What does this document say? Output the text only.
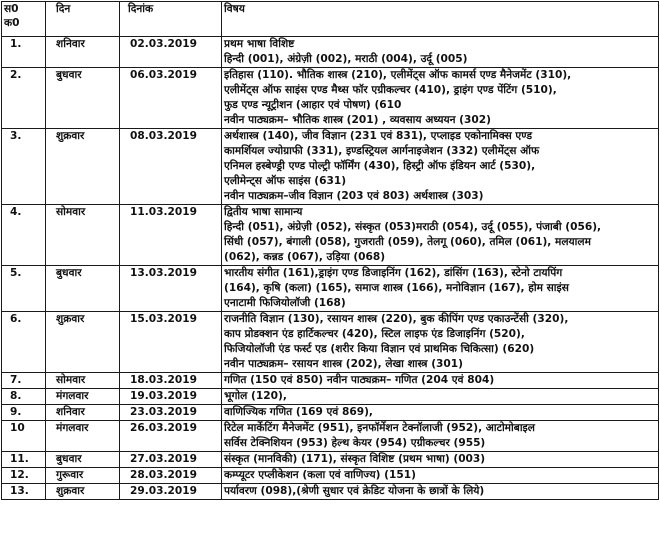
स0
क0	दिन	दिनांक	विषय
1.	शनिवार	02.03.2019	प्रथम भाषा विशिष्ट
हिन्दी (001), अंग्रेज़ी (002), मराठी (004), उर्दू (005)

2.	बुधवार	06.03.2019	इतिहास (110). भौतिक शास्त्र (210), एलीमेंट्स ऑफ कामर्स एण्ड मैनेजमेंट (310),
एलीमेंट्स ऑफ साइंस एण्ड मैथ्स फॉर एग्रीकल्चर (410), ड्राइंग एण्ड पेंटिंग (510),
फुड एण्ड न्यूट्रीशन (आहार एवं पोषण) (610
नवीन पाठ्यक्रम– भौतिक शास्त्र (201) , व्यवसाय अध्ययन (302)

3.	शुक्रवार	08.03.2019	अर्थशास्त्र (140), जीव विज्ञान (231 एवं 831), एप्लाइड एकोनामिक्स एण्ड
कामर्शियल ज्योग्राफी (331), इण्डस्ट्रियल आर्गनाइजेशन (332) एलीमेंट्स ऑफ
एनिमल हस्बेण्ड्री एण्ड पोल्ट्री फॉर्मिंग (430), हिस्ट्री ऑफ इंडियन आर्ट (530),
एलीमेन्ट्स ऑफ साइंस (631)
नवीन पाठ्यक्रम–जीव विज्ञान (203 एवं 803) अर्थशास्त्र (303)

4.	सोमवार	11.03.2019	द्वितीय भाषा सामान्य
हिन्दी (051), अंग्रेज़ी (052), संस्कृत (053)मराठी (054), उर्दू (055), पंजाबी (056),
सिंधी (057), बंगाली (058), गुजराती (059), तेलगू (060), तमिल (061), मलयालम
(062), कन्नड (067), उड़िया (068)

5.	बुधवार	13.03.2019	भारतीय संगीत (161),ड्राइंग एण्ड डिजाइनिंग (162), डांसिंग (163), स्टेनो टायपिंग
(164), कृषि (कला) (165), समाज शास्त्र (166), मनोविज्ञान (167), होम साइंस
एनाटामी फिजियोलॉजी (168)

6.	शुक्रवार	15.03.2019	राजनीति विज्ञान (130), रसायन शास्त्र (220), बुक कीपिंग एण्ड एकाउन्टेंसी (320),
काप प्रोडक्शन एंड हार्टिकल्चर (420), स्टिल लाइफ एंड डिजाइनिंग (520),
फिजियोलॉजी एंड फर्स्ट एड (शरीर किया विज्ञान एवं प्राथमिक चिकित्सा) (620)
नवीन पाठ्यक्रम– रसायन शास्त्र (202), लेखा शास्त्र (301)

7.	सोमवार	18.03.2019	गणित (150 एवं 850) नवीन पाठ्यक्रम– गणित (204 एवं 804)

8.	मंगलवार	19.03.2019	भूगोल (120),

9.	शनिवार	23.03.2019	वाणिज्यिक गणित (169 एवं 869),

10	मंगलवार	26.03.2019	रिटेल मार्केटिंग मैनेजमेंट (951), इनफॉर्मेशन टेक्नॉलाजी (952), आटोमोबाइल
सर्विस टेक्निशियन (953) हेल्थ केयर (954) एग्रीकल्चर (955)

11.	बुधवार	27.03.2019	संस्कृत (मानविकी) (171), संस्कृत विशिष्ट (प्रथम भाषा) (003)

12.	गुरूवार	28.03.2019	कम्प्यूटर एप्लीकेशन (कला एवं वाणिज्य) (151)

13.	शुक्रवार	29.03.2019	पर्यावरण (098),(श्रेणी सुधार एवं क्रेडिट योजना के छात्रों के लिये)
